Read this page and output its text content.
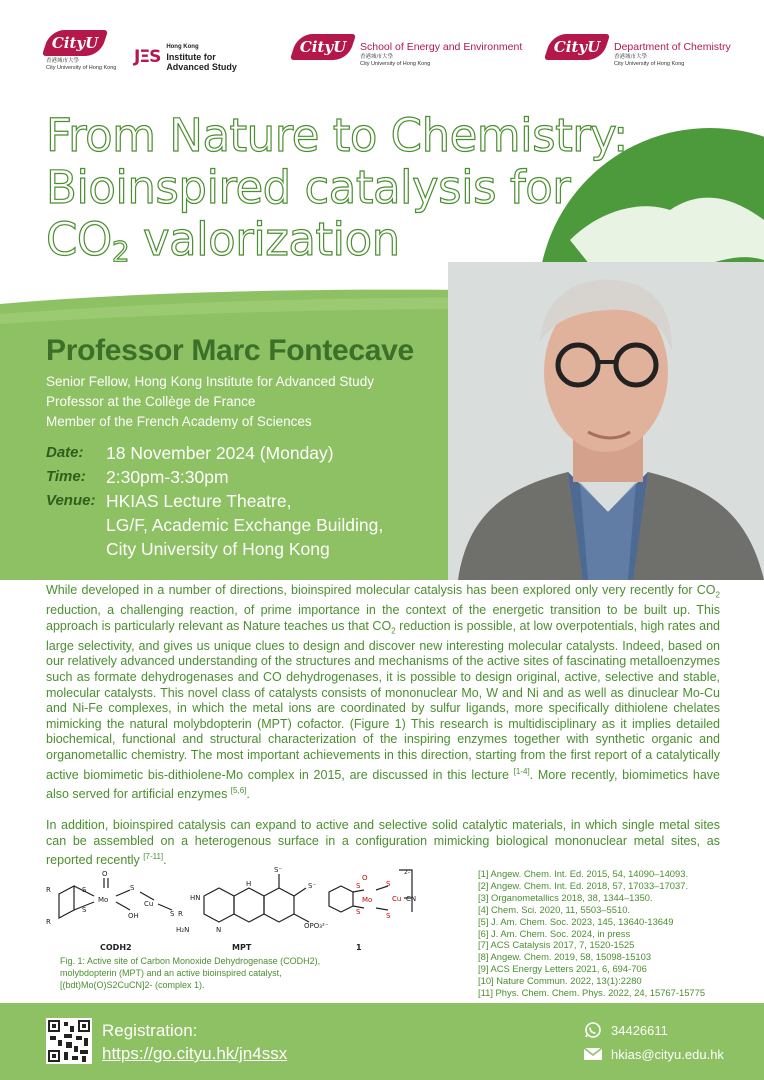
CityU
香港城市大學
City University of Hong Kong
ЈΞS Hong Kong
Institute for
Advanced Study
CityU	School of Energy and Environment
香港城市大學
City University of Hong Kong
CityU	Department of Chemistry
香港城市大學
City University of Hong Kong
From Nature to Chemistry:
Bioinspired catalysis for
$CO_2$ valorization
Professor Marc Fontecave
Senior Fellow, Hong Kong Institute for Advanced Study
Professor at the Collège de France
Member of the French Academy of Sciences
Date:	18 November 2024 (Monday)
Time:	2:30pm-3:30pm
Venue: HKIAS Lecture Theatre,
LG/F, Academic Exchange Building,
City University of Hong Kong

While developed in a number of directions, bioinspired molecular catalysis has been explored only very recently for $CO_2$ reduction, a challenging reaction, of prime importance in the context of the energetic transition to be built up. This approach is particularly relevant as Nature teaches us that $CO_2$ reduction is possible, at low overpotentials, high rates and large selectivity, and gives us unique clues to design and discover new interesting molecular catalysts. Indeed, based on our relatively advanced understanding of the structures and mechanisms of the active sites of fascinating metalloenzymes such as formate dehydrogenases and CO dehydrogenases, it is possible to design original, active, selective and stable, molecular catalysts. This novel class of catalysts consists of mononuclear Mo, W and Ni and as well as dinuclear Mo-Cu and Ni-Fe complexes, in which the metal ions are coordinated by sulfur ligands, more specifically dithiolene chelates mimicking the natural molybdopterin (MPT) cofactor. (Figure 1) This research is multidisciplinary as it implies detailed biochemical, functional and structural characterization of the inspiring enzymes together with synthetic organic and organometallic chemistry. The most important achievements in this direction, starting from the first report of a catalytically active biomimetic bis-dithiolene-Mo complex in 2015, are discussed in this lecture [1-4]. More recently, biomimetics have also served for artificial enzymes [5,6].

In addition, bioinspired catalysis can expand to active and selective solid catalytic materials, in which single metal sites can be assembled on a heterogenous surface in a configuration mimicking biological mononuclear metal sites, as reported recently [7-11].

R
R
S
S
Mo
O
S
OH
Cu
S R
HN
H₂N	N
H
S⁻
S⁻
OPO₃²⁻
S
S
Mo
S
S
Cu CN
O
CODH2	MPT	1
2-
Fig. 1: Active site of Carbon Monoxide Dehydrogenase (CODH2), molybdopterin (MPT) and an active bioinspired catalyst, [(bdt)Mo(O)S2CuCN]2- (complex 1).
[1] Angew. Chem. Int. Ed. 2015, 54, 14090–14093.
[2] Angew. Chem. Int. Ed. 2018, 57, 17033–17037.
[3] Organometallics 2018, 38, 1344–1350.
[4] Chem. Sci. 2020, 11, 5503–5510.
[5] J. Am. Chem. Soc. 2023, 145, 13640-13649
[6] J. Am. Chem. Soc. 2024, in press
[7] ACS Catalysis 2017, 7, 1520-1525
[8] Angew. Chem. 2019, 58, 15098-15103
[9] ACS Energy Letters 2021, 6, 694-706
[10] Nature Commun. 2022, 13(1):2280
[11] Phys. Chem. Chem. Phys. 2022, 24, 15767-15775
Registration:
https://go.cityu.hk/jn4ssx
34426611
hkias@cityu.edu.hk
